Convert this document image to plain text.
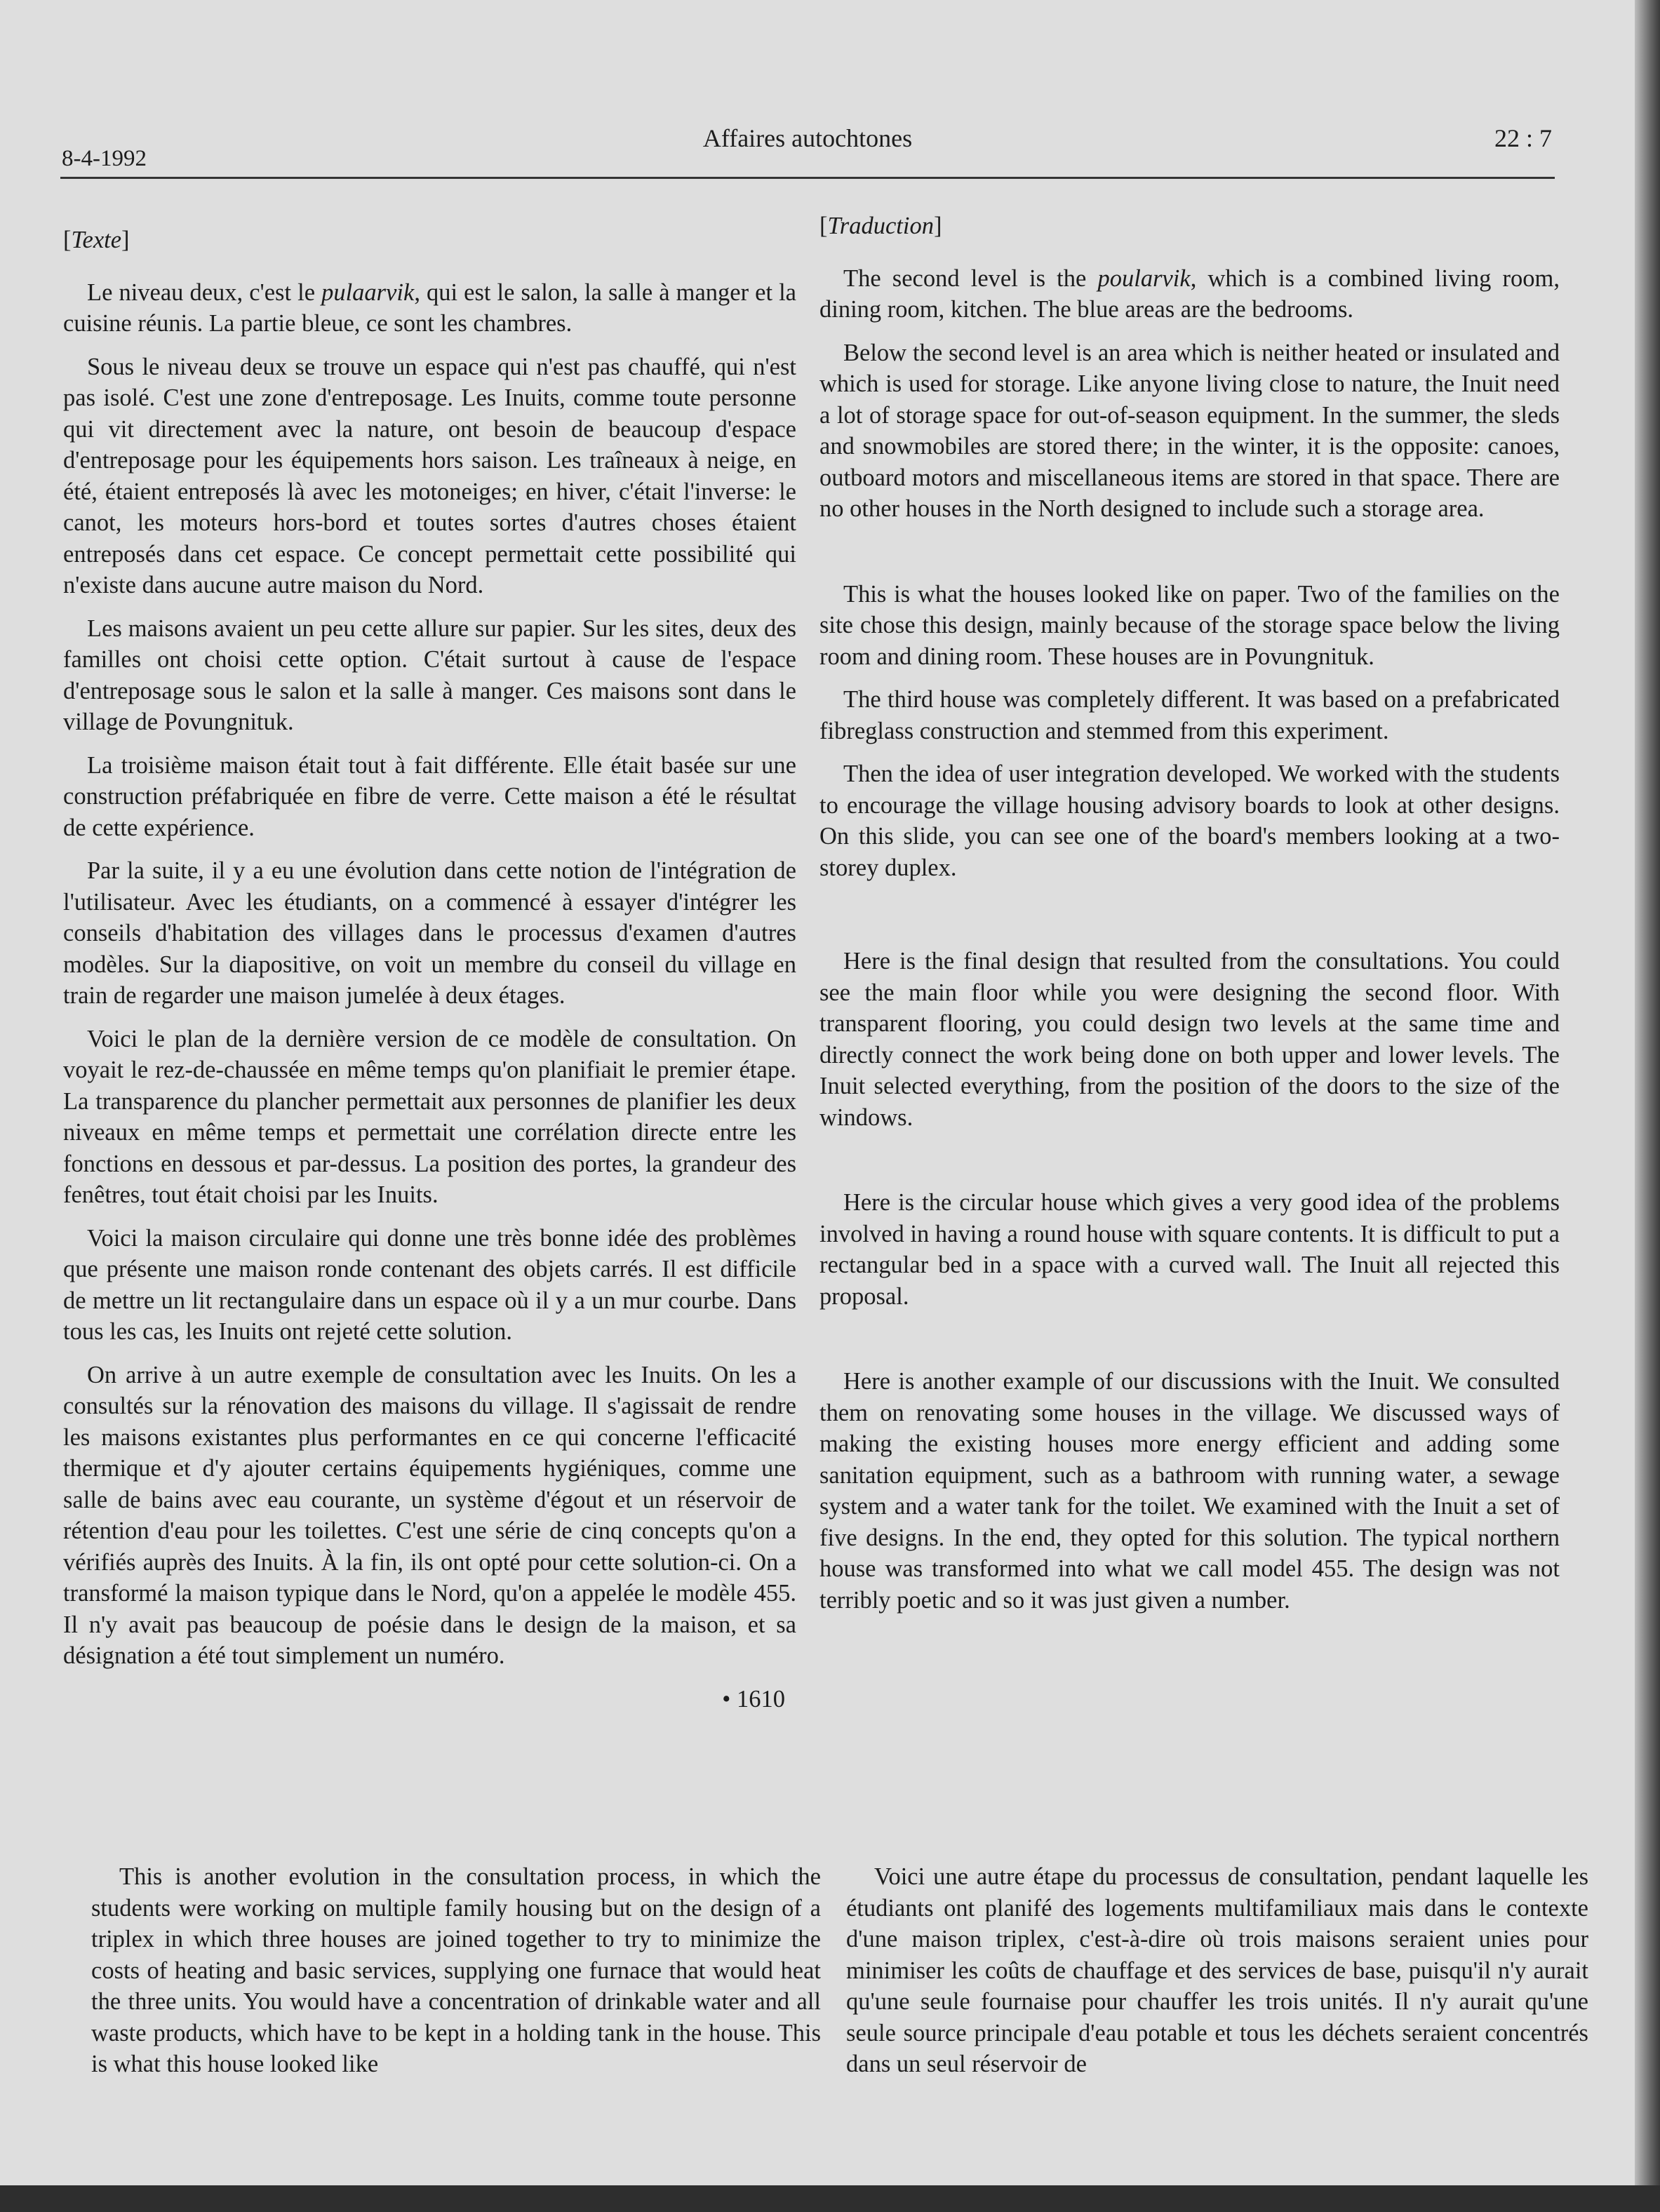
8-4-1992
Affaires autochtones	22 : 7
[Texte]

Le niveau deux, c'est le pulaarvik, qui est le salon, la salle à manger et la cuisine réunis. La partie bleue, ce sont les chambres.

Sous le niveau deux se trouve un espace qui n'est pas chauffé, qui n'est pas isolé. C'est une zone d'entreposage. Les Inuits, comme toute personne qui vit directement avec la nature, ont besoin de beaucoup d'espace d'entreposage pour les équipements hors saison. Les traîneaux à neige, en été, étaient entreposés là avec les motoneiges; en hiver, c'était l'inverse: le canot, les moteurs hors-bord et toutes sortes d'autres choses étaient entreposés dans cet espace. Ce concept permettait cette possibilité qui n'existe dans aucune autre maison du Nord.

Les maisons avaient un peu cette allure sur papier. Sur les sites, deux des familles ont choisi cette option. C'était surtout à cause de l'espace d'entreposage sous le salon et la salle à manger. Ces maisons sont dans le village de Povungnituk.

La troisième maison était tout à fait différente. Elle était basée sur une construction préfabriquée en fibre de verre. Cette maison a été le résultat de cette expérience.

Par la suite, il y a eu une évolution dans cette notion de l'intégration de l'utilisateur. Avec les étudiants, on a commencé à essayer d'intégrer les conseils d'habitation des villages dans le processus d'examen d'autres modèles. Sur la diapositive, on voit un membre du conseil du village en train de regarder une maison jumelée à deux étages.

Voici le plan de la dernière version de ce modèle de consultation. On voyait le rez-de-chaussée en même temps qu'on planifiait le premier étape. La transparence du plancher permettait aux personnes de planifier les deux niveaux en même temps et permettait une corrélation directe entre les fonctions en dessous et par-dessus. La position des portes, la grandeur des fenêtres, tout était choisi par les Inuits.

Voici la maison circulaire qui donne une très bonne idée des problèmes que présente une maison ronde contenant des objets carrés. Il est difficile de mettre un lit rectangulaire dans un espace où il y a un mur courbe. Dans tous les cas, les Inuits ont rejeté cette solution.

On arrive à un autre exemple de consultation avec les Inuits. On les a consultés sur la rénovation des maisons du village. Il s'agissait de rendre les maisons existantes plus performantes en ce qui concerne l'efficacité thermique et d'y ajouter certains équipements hygiéniques, comme une salle de bains avec eau courante, un système d'égout et un réservoir de rétention d'eau pour les toilettes. C'est une série de cinq concepts qu'on a vérifiés auprès des Inuits. À la fin, ils ont opté pour cette solution-ci. On a transformé la maison typique dans le Nord, qu'on a appelée le modèle 455. Il n'y avait pas beaucoup de poésie dans le design de la maison, et sa désignation a été tout simplement un numéro.

• 1610
[Traduction]

The second level is the poularvik, which is a combined living room, dining room, kitchen. The blue areas are the bedrooms.

Below the second level is an area which is neither heated or insulated and which is used for storage. Like anyone living close to nature, the Inuit need a lot of storage space for out-of-season equipment. In the summer, the sleds and snowmobiles are stored there; in the winter, it is the opposite: canoes, outboard motors and miscellaneous items are stored in that space. There are no other houses in the North designed to include such a storage area.

This is what the houses looked like on paper. Two of the families on the site chose this design, mainly because of the storage space below the living room and dining room. These houses are in Povungnituk.

The third house was completely different. It was based on a prefabricated fibreglass construction and stemmed from this experiment.

Then the idea of user integration developed. We worked with the students to encourage the village housing advisory boards to look at other designs. On this slide, you can see one of the board's members looking at a two-storey duplex.

Here is the final design that resulted from the consultations. You could see the main floor while you were designing the second floor. With transparent flooring, you could design two levels at the same time and directly connect the work being done on both upper and lower levels. The Inuit selected everything, from the position of the doors to the size of the windows.

Here is the circular house which gives a very good idea of the problems involved in having a round house with square contents. It is difficult to put a rectangular bed in a space with a curved wall. The Inuit all rejected this proposal.

Here is another example of our discussions with the Inuit. We consulted them on renovating some houses in the village. We discussed ways of making the existing houses more energy efficient and adding some sanitation equipment, such as a bathroom with running water, a sewage system and a water tank for the toilet. We examined with the Inuit a set of five designs. In the end, they opted for this solution. The typical northern house was transformed into what we call model 455. The design was not terribly poetic and so it was just given a number.

This is another evolution in the consultation process, in which the students were working on multiple family housing but on the design of a triplex in which three houses are joined together to try to minimize the costs of heating and basic services, supplying one furnace that would heat the three units. You would have a concentration of drinkable water and all waste products, which have to be kept in a holding tank in the house. This is what this house looked like

Voici une autre étape du processus de consultation, pendant laquelle les étudiants ont planifé des logements multifamiliaux mais dans le contexte d'une maison triplex, c'est-à-dire où trois maisons seraient unies pour minimiser les coûts de chauffage et des services de base, puisqu'il n'y aurait qu'une seule fournaise pour chauffer les trois unités. Il n'y aurait qu'une seule source principale d'eau potable et tous les déchets seraient concentrés dans un seul réservoir de
